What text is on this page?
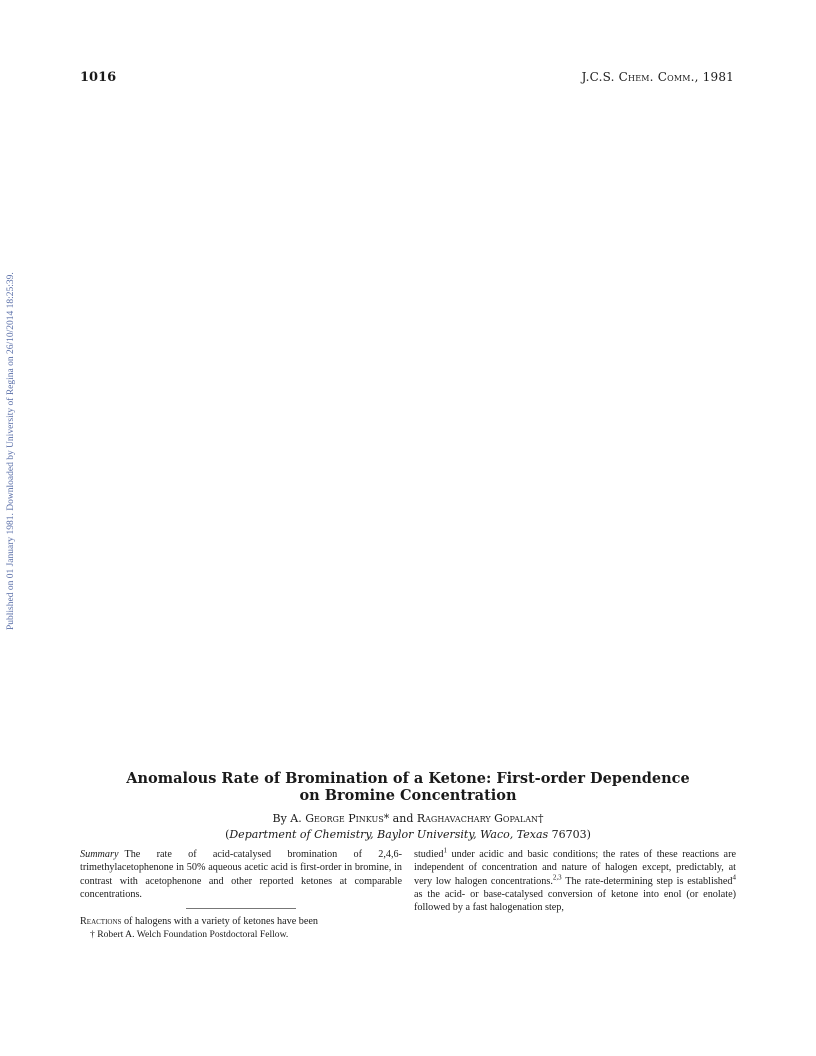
1016	J.C.S. Chem. Comm., 1981
Published on 01 January 1981. Downloaded by University of Regina on 26/10/2014 18:25:39.
Anomalous Rate of Bromination of a Ketone: First-order Dependence
on Bromine Concentration
By A. George Pinkus* and Raghavachary Gopalan†
(Department of Chemistry, Baylor University, Waco, Texas 76703)

Summary The rate of acid-catalysed bromination of 2,4,6-trimethylacetophenone in 50% aqueous acetic acid is first-order in bromine, in contrast with acetophenone and other reported ketones at comparable concentrations.

Reactions of halogens with a variety of ketones have been

† Robert A. Welch Foundation Postdoctoral Fellow.

studied$^1$ under acidic and basic conditions; the rates of these reactions are independent of concentration and nature of halogen except, predictably, at very low halogen concentrations.$^{2,3}$ The rate-determining step is established$^4$ as the acid- or base-catalysed conversion of ketone into enol (or enolate) followed by a fast halogenation step,
